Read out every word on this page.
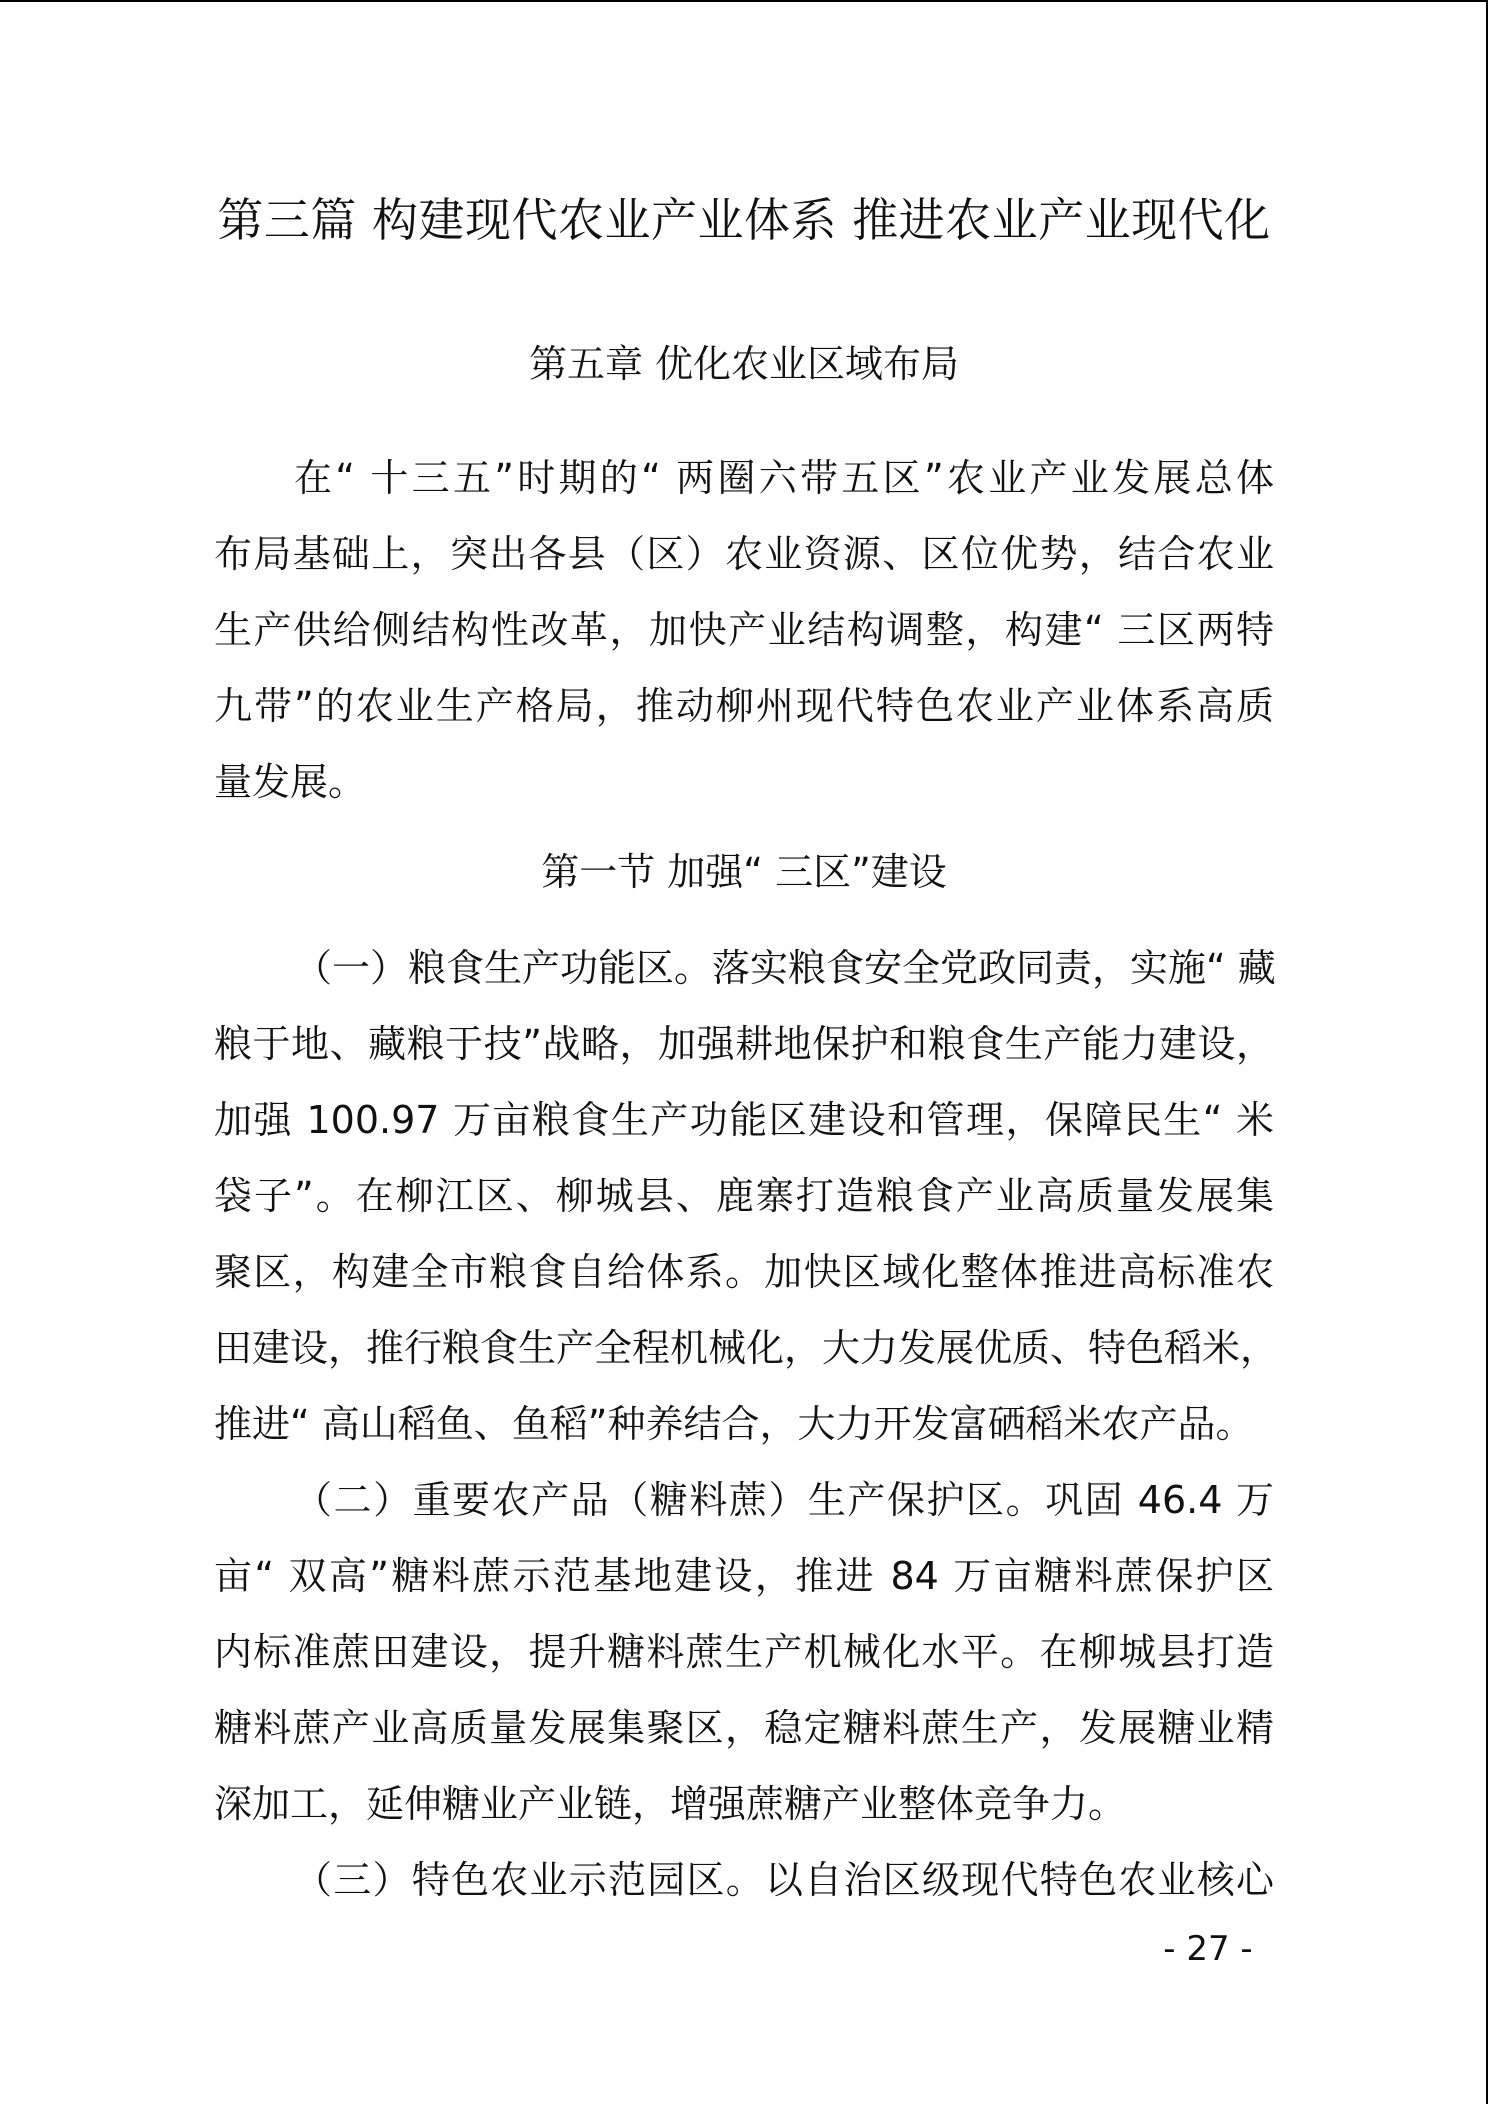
第三篇 构建现代农业产业体系 推进农业产业现代化
第五章 优化农业区域布局
在“ 十三五”时期的“ 两圈六带五区”农业产业发展总体
布局基础上，突出各县（区）农业资源、区位优势，结合农业
生产供给侧结构性改革，加快产业结构调整，构建“ 三区两特
九带”的农业生产格局，推动柳州现代特色农业产业体系高质
量发展。
第一节 加强“ 三区”建设
（一）粮食生产功能区。落实粮食安全党政同责，实施“ 藏
粮于地、藏粮于技”战略，加强耕地保护和粮食生产能力建设，
加强 100.97 万亩粮食生产功能区建设和管理，保障民生“ 米
袋子”。在柳江区、柳城县、鹿寨打造粮食产业高质量发展集
聚区，构建全市粮食自给体系。加快区域化整体推进高标准农
田建设，推行粮食生产全程机械化，大力发展优质、特色稻米，
推进“ 高山稻鱼、鱼稻”种养结合，大力开发富硒稻米农产品。
（二）重要农产品（糖料蔗）生产保护区。巩固 46.4 万
亩“ 双高”糖料蔗示范基地建设，推进 84 万亩糖料蔗保护区
内标准蔗田建设，提升糖料蔗生产机械化水平。在柳城县打造
糖料蔗产业高质量发展集聚区，稳定糖料蔗生产，发展糖业精
深加工，延伸糖业产业链，增强蔗糖产业整体竞争力。
（三）特色农业示范园区。以自治区级现代特色农业核心
- 27 -
